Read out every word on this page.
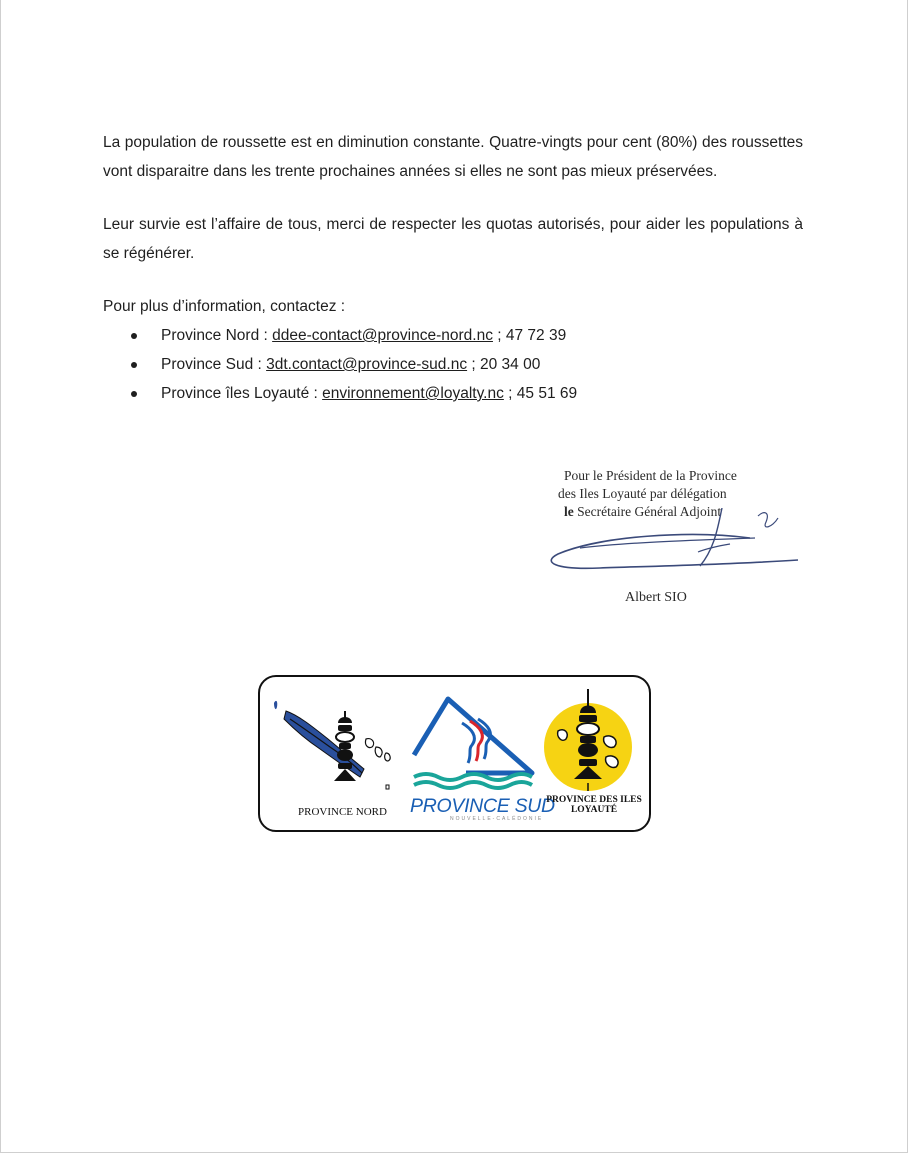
La population de roussette est en diminution constante. Quatre-vingts pour cent (80%) des roussettes vont disparaitre dans les trente prochaines années si elles ne sont pas mieux préservées.

Leur survie est l’affaire de tous, merci de respecter les quotas autorisés, pour aider les populations à se régénérer.

Pour plus d’information, contactez :

Province Nord : ddee-contact@province-nord.nc ; 47 72 39
Province Sud : 3dt.contact@province-sud.nc ; 20 34 00
Province îles Loyauté : environnement@loyalty.nc ; 45 51 69
Pour le Président de la Province
des Iles Loyauté par délégation
le Secrétaire Général Adjoint
Albert SIO
PROVINCE NORD PROVINCE SUD
NOUVELLE-CALÉDONIE
PROVINCE DES ILES LOYAUTÉ
